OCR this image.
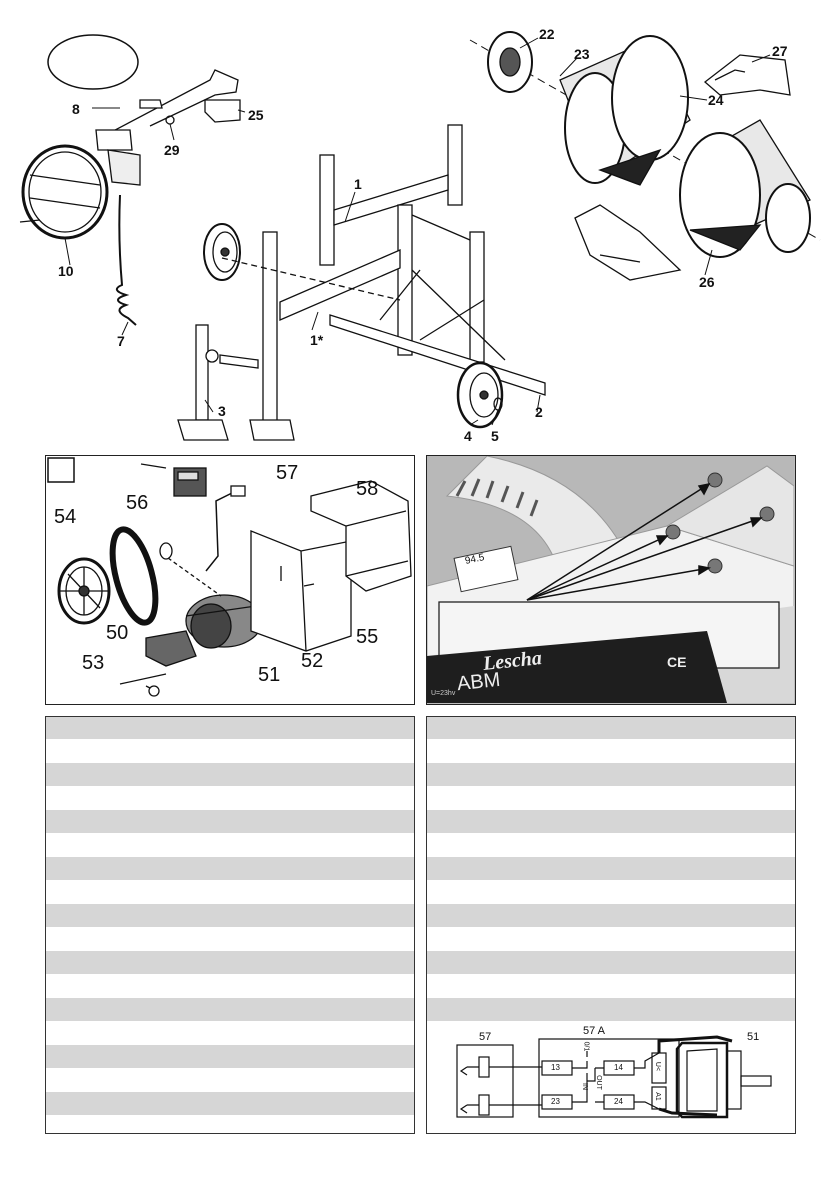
8
29
25
10
7
1
1*
3
4 5
2
22
23
24
27
26
56
57
58
54
50
53
51
52
55
94.5
Lescha
ABM
CE
U=23hv
57	57 A	51
13
23
14
24
U<
A1
IN OUT
0/1
